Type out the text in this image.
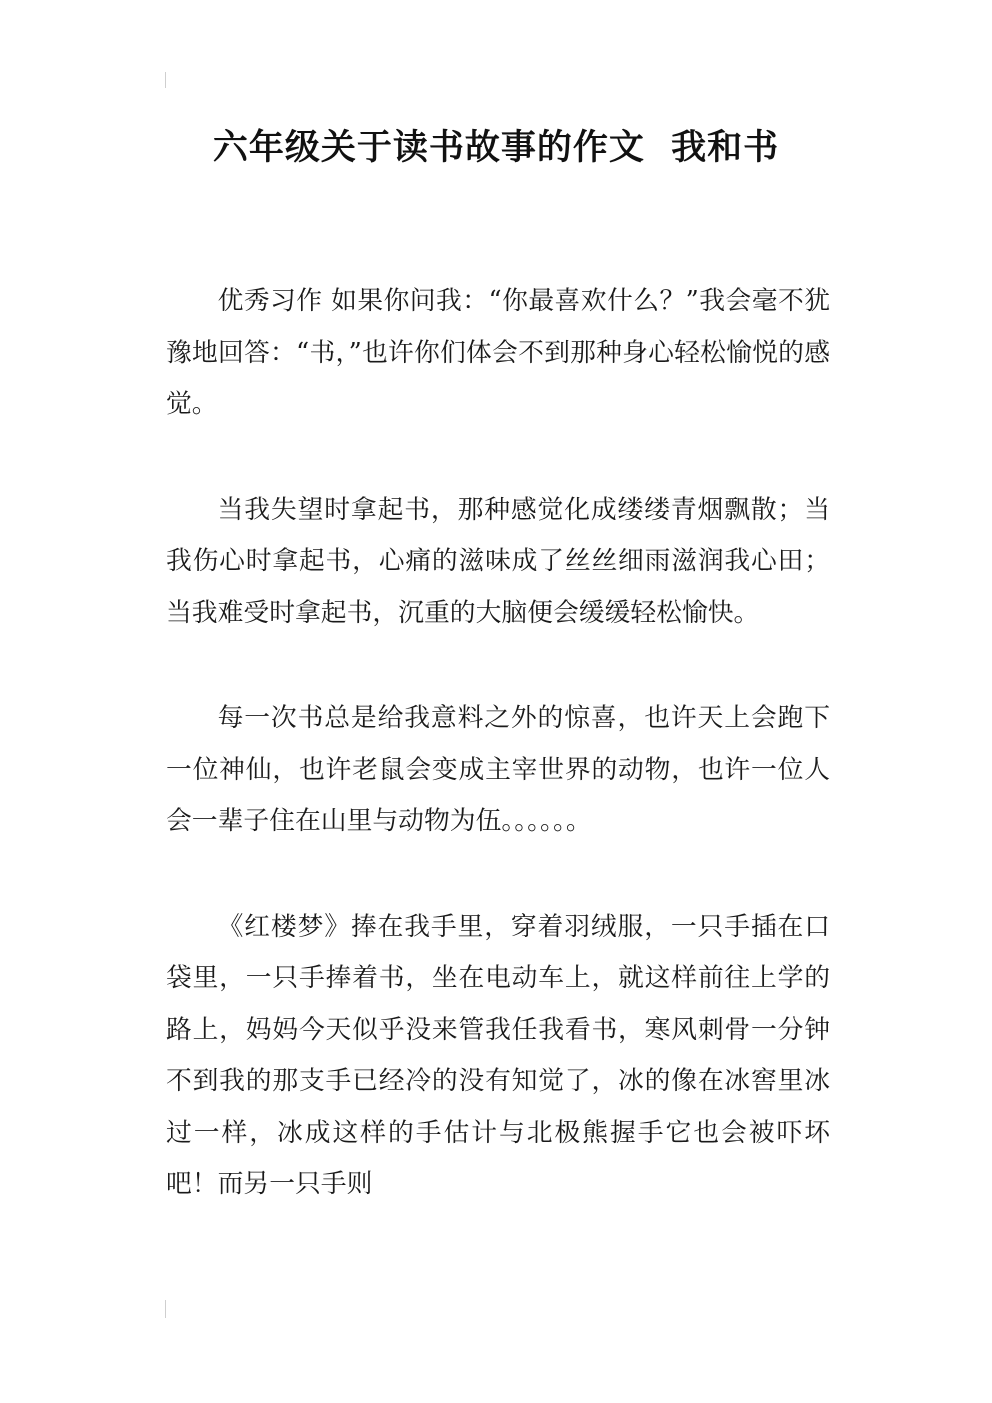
六年级关于读书故事的作文  我和书

优秀习作 如果你问我：“你最喜欢什么？”我会毫不犹豫地回答：“书，”也许你们体会不到那种身心轻松愉悦的感觉。

当我失望时拿起书，那种感觉化成缕缕青烟飘散；当我伤心时拿起书，心痛的滋味成了丝丝细雨滋润我心田；当我难受时拿起书，沉重的大脑便会缓缓轻松愉快。

每一次书总是给我意料之外的惊喜，也许天上会跑下一位神仙，也许老鼠会变成主宰世界的动物，也许一位人会一辈子住在山里与动物为伍。。。。。。

《红楼梦》捧在我手里，穿着羽绒服，一只手插在口袋里，一只手捧着书，坐在电动车上，就这样前往上学的路上，妈妈今天似乎没来管我任我看书，寒风刺骨一分钟不到我的那支手已经冷的没有知觉了，冰的像在冰窖里冰过一样，冰成这样的手估计与北极熊握手它也会被吓坏吧！而另一只手则
